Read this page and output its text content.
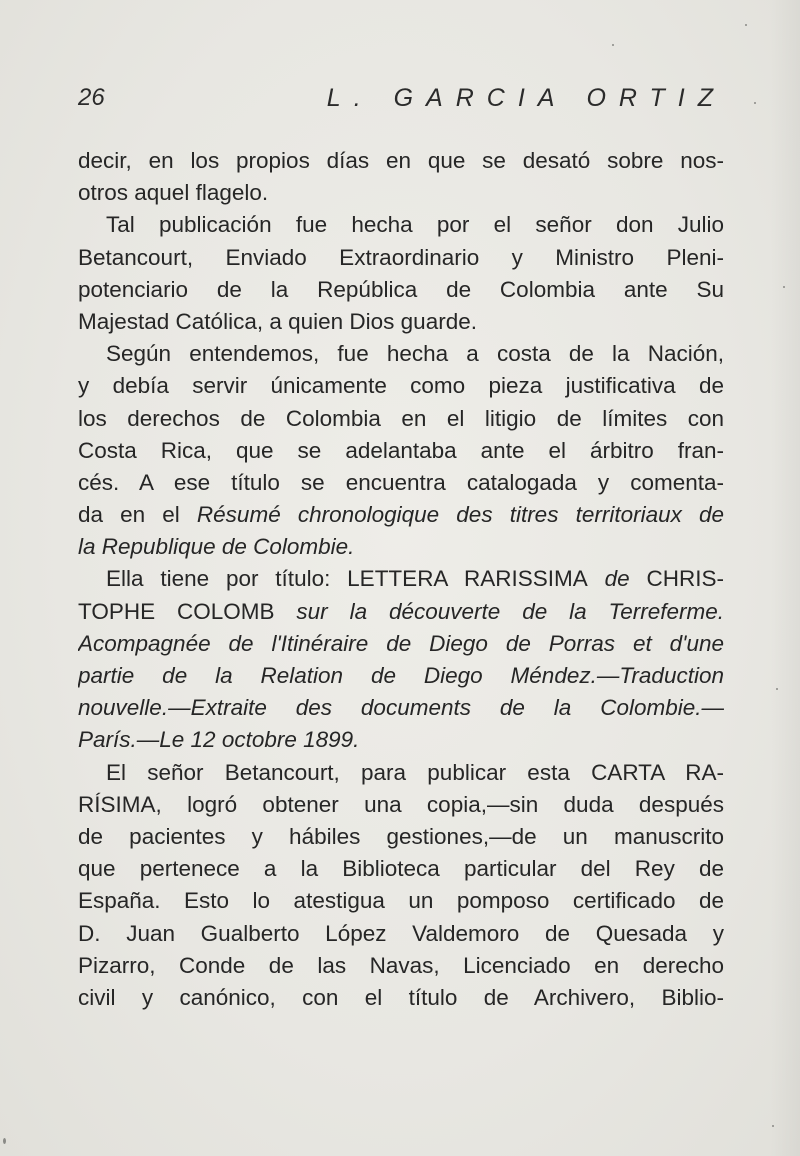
26	L. GARCIA ORTIZ
decir, en los propios días en que se desató sobre nos-
otros aquel flagelo.
Tal publicación fue hecha por el señor don Julio
Betancourt, Enviado Extraordinario y Ministro Pleni-
potenciario de la República de Colombia ante Su
Majestad Católica, a quien Dios guarde.
Según entendemos, fue hecha a costa de la Nación,
y debía servir únicamente como pieza justificativa de
los derechos de Colombia en el litigio de límites con
Costa Rica, que se adelantaba ante el árbitro fran-
cés. A ese título se encuentra catalogada y comenta-
da en el Résumé chronologique des titres territoriaux de
la Republique de Colombie.
Ella tiene por título: LETTERA RARISSIMA de CHRIS-
TOPHE COLOMB sur la découverte de la Terreferme.
Acompagnée de l'Itinéraire de Diego de Porras et d'une
partie de la Relation de Diego Méndez.—Traduction
nouvelle.—Extraite des documents de la Colombie.—
París.—Le 12 octobre 1899.
El señor Betancourt, para publicar esta CARTA RA-
RÍSIMA, logró obtener una copia,—sin duda después
de pacientes y hábiles gestiones,—de un manuscrito
que pertenece a la Biblioteca particular del Rey de
España. Esto lo atestigua un pomposo certificado de
D. Juan Gualberto López Valdemoro de Quesada y
Pizarro, Conde de las Navas, Licenciado en derecho
civil y canónico, con el título de Archivero, Biblio-
